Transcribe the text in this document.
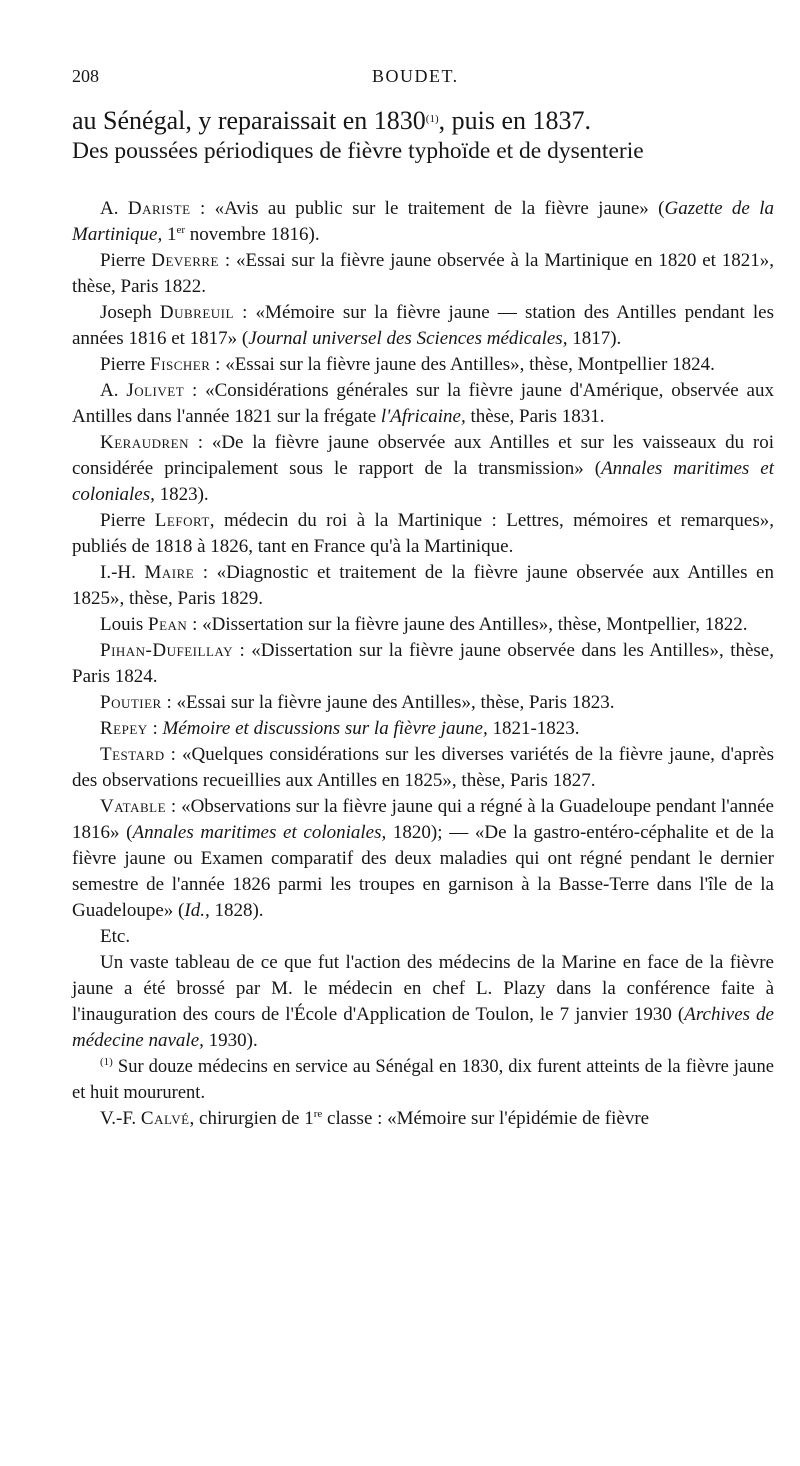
208	BOUDET.
au Sénégal, y reparaissait en 1830$^{(1)}$, puis en 1837.
Des poussées périodiques de fièvre typhoïde et de dysenterie

A. Dariste : «Avis au public sur le traitement de la fièvre jaune» (Gazette de la Martinique, 1er novembre 1816).

Pierre Deverre : «Essai sur la fièvre jaune observée à la Martinique en 1820 et 1821», thèse, Paris 1822.

Joseph Dubreuil : «Mémoire sur la fièvre jaune — station des Antilles pendant les années 1816 et 1817» (Journal universel des Sciences médicales, 1817).

Pierre Fischer : «Essai sur la fièvre jaune des Antilles», thèse, Montpellier 1824.

A. Jolivet : «Considérations générales sur la fièvre jaune d'Amérique, observée aux Antilles dans l'année 1821 sur la frégate l'Africaine, thèse, Paris 1831.

Keraudren : «De la fièvre jaune observée aux Antilles et sur les vaisseaux du roi considérée principalement sous le rapport de la transmission» (Annales maritimes et coloniales, 1823).

Pierre Lefort, médecin du roi à la Martinique : Lettres, mémoires et remarques», publiés de 1818 à 1826, tant en France qu'à la Martinique.

I.-H. Maire : «Diagnostic et traitement de la fièvre jaune observée aux Antilles en 1825», thèse, Paris 1829.

Louis Pean : «Dissertation sur la fièvre jaune des Antilles», thèse, Montpellier, 1822.

Pihan-Dufeillay : «Dissertation sur la fièvre jaune observée dans les Antilles», thèse, Paris 1824.

Poutier : «Essai sur la fièvre jaune des Antilles», thèse, Paris 1823.

Repey : Mémoire et discussions sur la fièvre jaune, 1821-1823.

Testard : «Quelques considérations sur les diverses variétés de la fièvre jaune, d'après des observations recueillies aux Antilles en 1825», thèse, Paris 1827.

Vatable : «Observations sur la fièvre jaune qui a régné à la Guadeloupe pendant l'année 1816» (Annales maritimes et coloniales, 1820); — «De la gastro-entéro-céphalite et de la fièvre jaune ou Examen comparatif des deux maladies qui ont régné pendant le dernier semestre de l'année 1826 parmi les troupes en garnison à la Basse-Terre dans l'île de la Guadeloupe» (Id., 1828).

Etc.

Un vaste tableau de ce que fut l'action des médecins de la Marine en face de la fièvre jaune a été brossé par M. le médecin en chef L. Plazy dans la conférence faite à l'inauguration des cours de l'École d'Application de Toulon, le 7 janvier 1930 (Archives de médecine navale, 1930).

$^{(1)}$ Sur douze médecins en service au Sénégal en 1830, dix furent atteints de la fièvre jaune et huit moururent.

V.-F. Calvé, chirurgien de 1re classe : «Mémoire sur l'épidémie de fièvre
